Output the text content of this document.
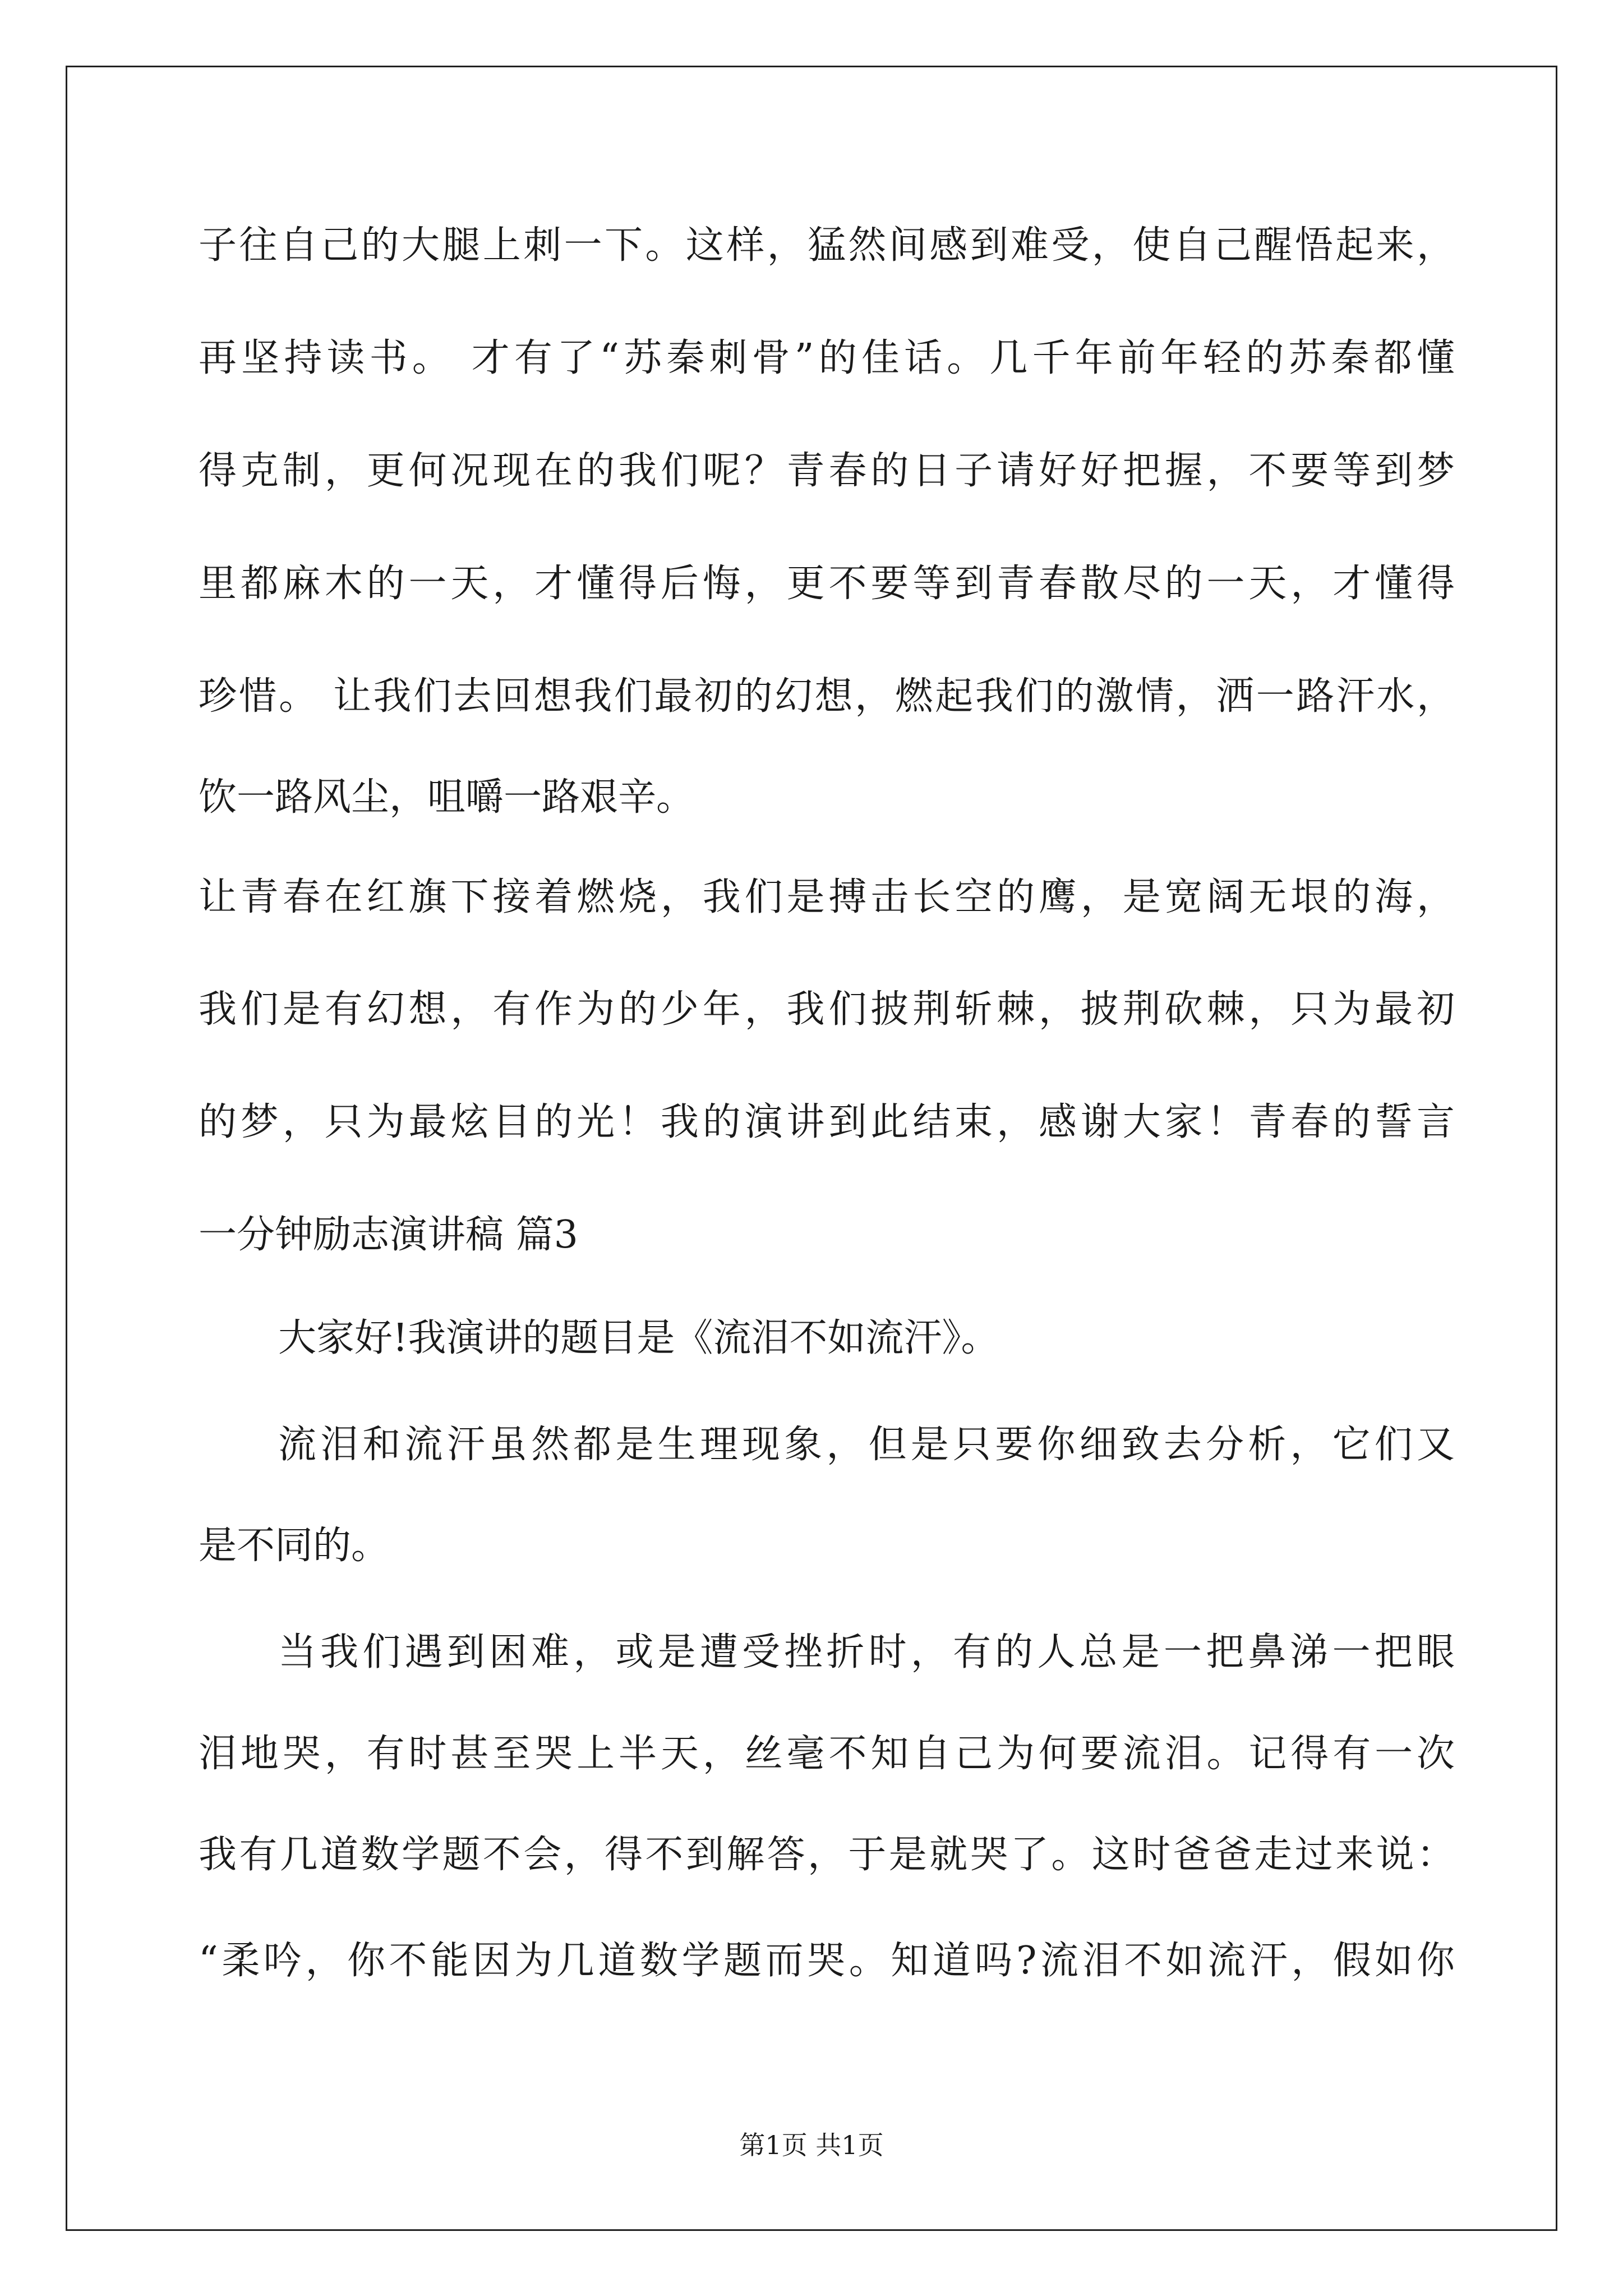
子往自己的大腿上刺一下。这样，猛然间感到难受，使自己醒悟起来，
再坚持读书。 才有了“苏秦刺骨”的佳话。几千年前年轻的苏秦都懂
得克制，更何况现在的我们呢？青春的日子请好好把握，不要等到梦
里都麻木的一天，才懂得后悔，更不要等到青春散尽的一天，才懂得
珍惜。 让我们去回想我们最初的幻想，燃起我们的激情，洒一路汗水，
饮一路风尘，咀嚼一路艰辛。
让青春在红旗下接着燃烧，我们是搏击长空的鹰，是宽阔无垠的海，
我们是有幻想，有作为的少年，我们披荆斩棘，披荆砍棘，只为最初
的梦，只为最炫目的光！我的演讲到此结束，感谢大家！青春的誓言
一分钟励志演讲稿 篇3
大家好!我演讲的题目是《流泪不如流汗》。
流泪和流汗虽然都是生理现象，但是只要你细致去分析，它们又
是不同的。
当我们遇到困难，或是遭受挫折时，有的人总是一把鼻涕一把眼
泪地哭，有时甚至哭上半天，丝毫不知自己为何要流泪。记得有一次
我有几道数学题不会，得不到解答，于是就哭了。这时爸爸走过来说：
“柔吟，你不能因为几道数学题而哭。知道吗?流泪不如流汗，假如你
第1页 共1页
